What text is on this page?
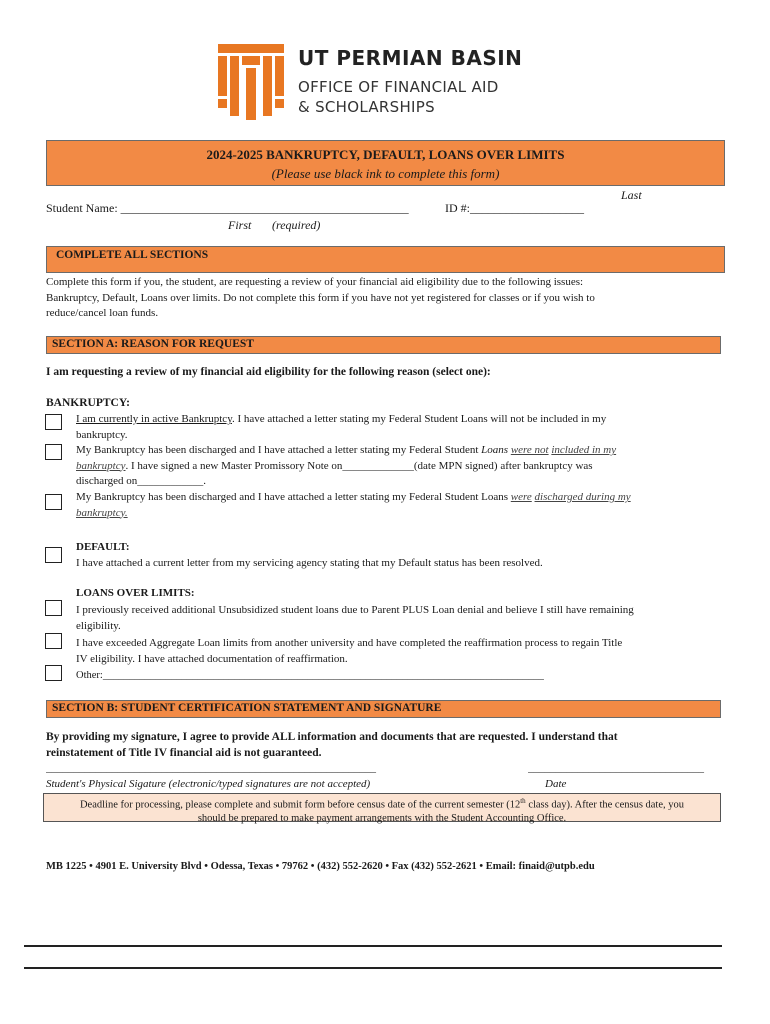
UT PERMIAN BASIN
OFFICE OF FINANCIAL AID
& SCHOLARSHIPS
2024-2025 BANKRUPTCY, DEFAULT, LOANS OVER LIMITS
(Please use black ink to complete this form)
Last
Student Name: ________________________________________________	ID #:___________________
First (required)
COMPLETE ALL SECTIONS
Complete this form if you, the student, are requesting a review of your financial aid eligibility due to the following issues:
Bankruptcy, Default, Loans over limits. Do not complete this form if you have not yet registered for classes or if you wish to
reduce/cancel loan funds.
SECTION A: REASON FOR REQUEST
I am requesting a review of my financial aid eligibility for the following reason (select one):
BANKRUPTCY:
I am currently in active Bankruptcy. I have attached a letter stating my Federal Student Loans will not be included in my
bankruptcy.
My Bankruptcy has been discharged and I have attached a letter stating my Federal Student Loans were not included in my
bankruptcy. I have signed a new Master Promissory Note on_____________(date MPN signed) after bankruptcy was
discharged on____________.
My Bankruptcy has been discharged and I have attached a letter stating my Federal Student Loans were discharged during my
bankruptcy.
DEFAULT:
I have attached a current letter from my servicing agency stating that my Default status has been resolved.
LOANS OVER LIMITS:
I previously received additional Unsubsidized student loans due to Parent PLUS Loan denial and believe I still have remaining
eligibility.
I have exceeded Aggregate Loan limits from another university and have completed the reaffirmation process to regain Title
IV eligibility. I have attached documentation of reaffirmation.
Other:____________________________________________________________________________________
SECTION B: STUDENT CERTIFICATION STATEMENT AND SIGNATURE
By providing my signature, I agree to provide ALL information and documents that are requested. I understand that
reinstatement of Title IV financial aid is not guaranteed.
____________________________________________________________	________________________________
Student's Physical Sigature (electronic/typed signatures are not accepted)	Date
Deadline for processing, please complete and submit form before census date of the current semester (12th class day). After the census date, you
should be prepared to make payment arrangements with the Student Accounting Office.
MB 1225 • 4901 E. University Blvd • Odessa, Texas • 79762 • (432) 552-2620 • Fax (432) 552-2621 • Email: finaid@utpb.edu
